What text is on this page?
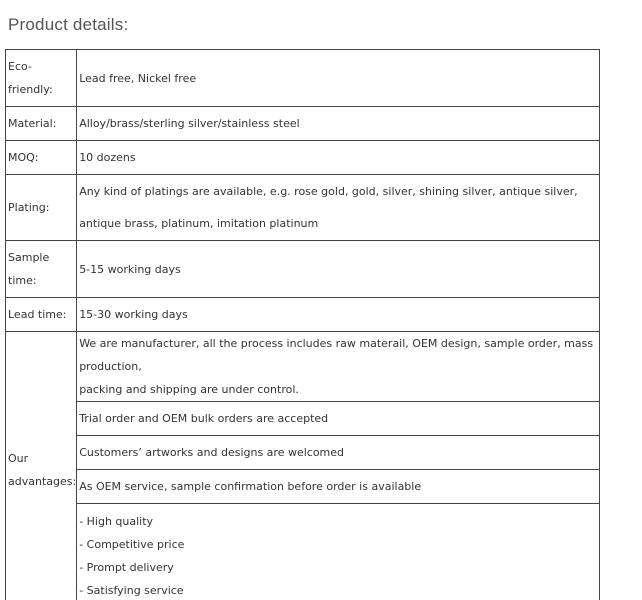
Product details:
Eco-
friendly:	Lead free, Nickel free
Material:	Alloy/brass/sterling silver/stainless steel
MOQ:	10 dozens
Plating:	Any kind of platings are available, e.g. rose gold, gold, silver, shining silver, antique silver,
antique brass, platinum, imitation platinum

Sample
time:	5-15 working days
Lead time:	15-30 working days

Our
advantages:	We are manufacturer, all the process includes raw materail, OEM design, sample order, mass production,
packing and shipping are under control.

	Trial order and OEM bulk orders are accepted
	Customers’ artworks and designs are welcomed
	As OEM service, sample confirmation before order is available

	- High quality
- Competitive price
- Prompt delivery
- Satisfying service
